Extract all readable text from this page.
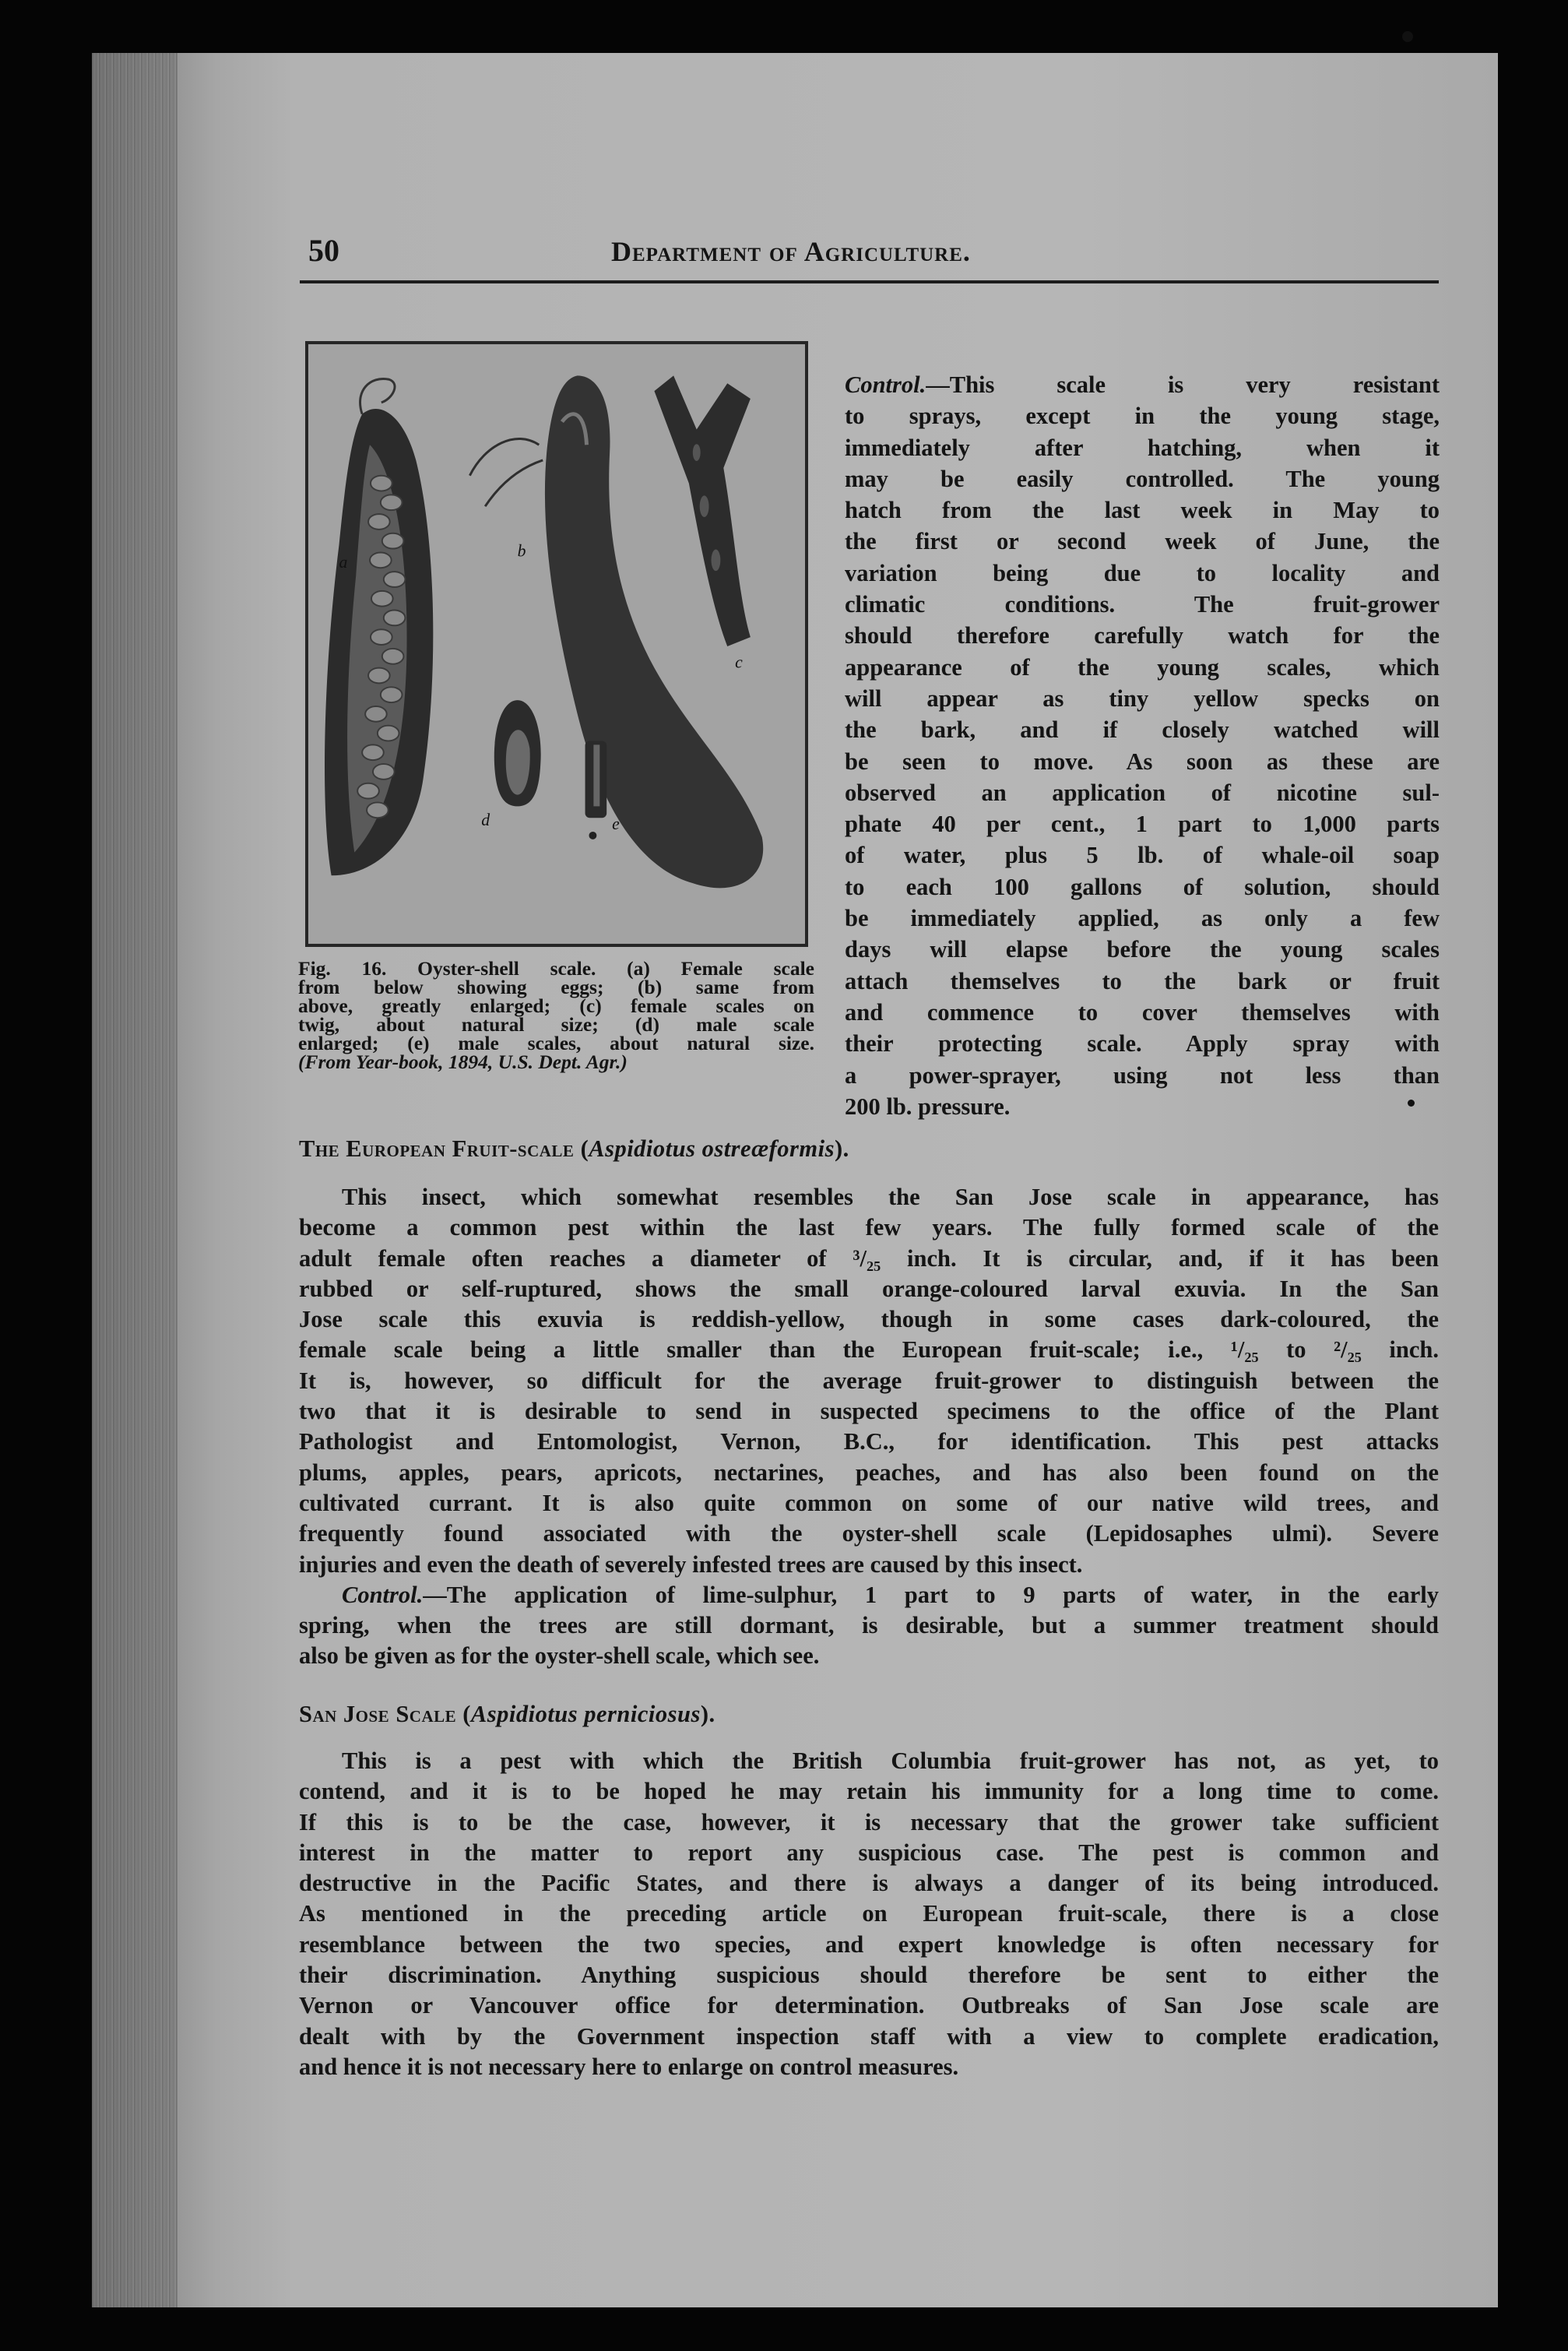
50	Department of Agriculture.
a
b
c
d	e
Fig. 16. Oyster-shell scale. (a) Female scale
from below showing eggs; (b) same from
above, greatly enlarged; (c) female scales on
twig, about natural size; (d) male scale
enlarged; (e) male scales, about natural size.
(From Year-book, 1894, U.S. Dept. Agr.)
Control.—This scale is very resistant
to sprays, except in the young stage,
immediately after hatching, when it
may be easily controlled. The young
hatch from the last week in May to
the first or second week of June, the
variation being due to locality and
climatic conditions. The fruit-grower
should therefore carefully watch for the
appearance of the young scales, which
will appear as tiny yellow specks on
the bark, and if closely watched will
be seen to move. As soon as these are
observed an application of nicotine sul-
phate 40 per cent., 1 part to 1,000 parts
of water, plus 5 lb. of whale-oil soap
to each 100 gallons of solution, should
be immediately applied, as only a few
days will elapse before the young scales
attach themselves to the bark or fruit
and commence to cover themselves with
their protecting scale. Apply spray with
a power-sprayer, using not less than
200 lb. pressure.
The European Fruit-scale (Aspidiotus ostreæformis).
This insect, which somewhat resembles the San Jose scale in appearance, has
become a common pest within the last few years. The fully formed scale of the
adult female often reaches a diameter of ³/₂₅ inch. It is circular, and, if it has been
rubbed or self-ruptured, shows the small orange-coloured larval exuvia. In the San
Jose scale this exuvia is reddish-yellow, though in some cases dark-coloured, the
female scale being a little smaller than the European fruit-scale; i.e., ¹/₂₅ to ²/₂₅ inch.
It is, however, so difficult for the average fruit-grower to distinguish between the
two that it is desirable to send in suspected specimens to the office of the Plant
Pathologist and Entomologist, Vernon, B.C., for identification. This pest attacks
plums, apples, pears, apricots, nectarines, peaches, and has also been found on the
cultivated currant. It is also quite common on some of our native wild trees, and
frequently found associated with the oyster-shell scale (Lepidosaphes ulmi). Severe
injuries and even the death of severely infested trees are caused by this insect.
Control.—The application of lime-sulphur, 1 part to 9 parts of water, in the early
spring, when the trees are still dormant, is desirable, but a summer treatment should
also be given as for the oyster-shell scale, which see.
San Jose Scale (Aspidiotus perniciosus).
This is a pest with which the British Columbia fruit-grower has not, as yet, to
contend, and it is to be hoped he may retain his immunity for a long time to come.
If this is to be the case, however, it is necessary that the grower take sufficient
interest in the matter to report any suspicious case. The pest is common and
destructive in the Pacific States, and there is always a danger of its being introduced.
As mentioned in the preceding article on European fruit-scale, there is a close
resemblance between the two species, and expert knowledge is often necessary for
their discrimination. Anything suspicious should therefore be sent to either the
Vernon or Vancouver office for determination. Outbreaks of San Jose scale are
dealt with by the Government inspection staff with a view to complete eradication,
and hence it is not necessary here to enlarge on control measures.
